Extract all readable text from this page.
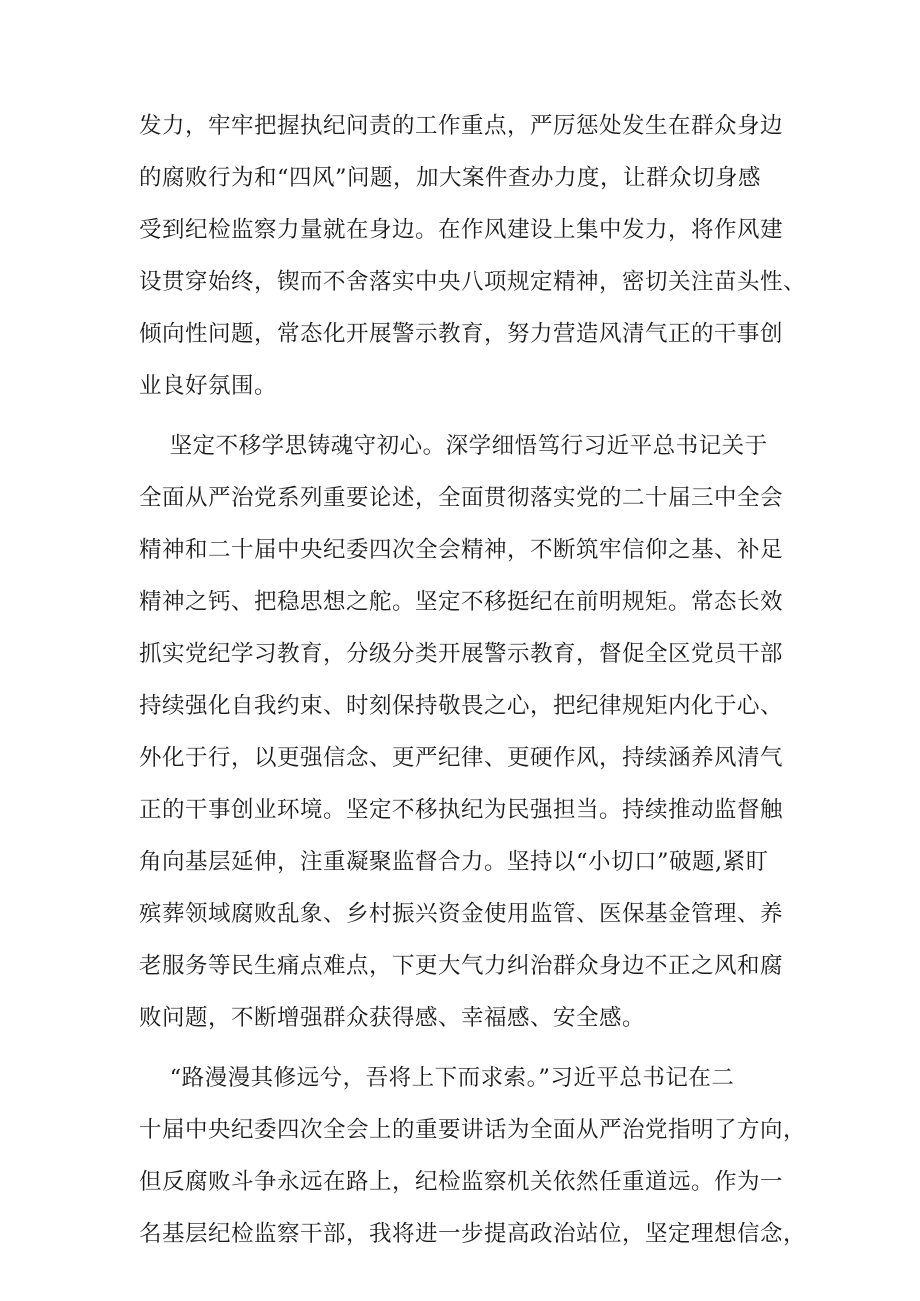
发力，牢牢把握执纪问责的工作重点，严厉惩处发生在群众身边
的腐败行为和“四风”问题，加大案件查办力度，让群众切身感
受到纪检监察力量就在身边。在作风建设上集中发力，将作风建
设贯穿始终，锲而不舍落实中央八项规定精神，密切关注苗头性、
倾向性问题，常态化开展警示教育，努力营造风清气正的干事创
业良好氛围。
坚定不移学思铸魂守初心。深学细悟笃行习近平总书记关于
全面从严治党系列重要论述，全面贯彻落实党的二十届三中全会
精神和二十届中央纪委四次全会精神，不断筑牢信仰之基、补足
精神之钙、把稳思想之舵。坚定不移挺纪在前明规矩。常态长效
抓实党纪学习教育，分级分类开展警示教育，督促全区党员干部
持续强化自我约束、时刻保持敬畏之心，把纪律规矩内化于心、
外化于行，以更强信念、更严纪律、更硬作风，持续涵养风清气
正的干事创业环境。坚定不移执纪为民强担当。持续推动监督触
角向基层延伸，注重凝聚监督合力。坚持以“小切口”破题,紧盯
殡葬领域腐败乱象、乡村振兴资金使用监管、医保基金管理、养
老服务等民生痛点难点，下更大气力纠治群众身边不正之风和腐
败问题，不断增强群众获得感、幸福感、安全感。
“路漫漫其修远兮，吾将上下而求索。”习近平总书记在二
十届中央纪委四次全会上的重要讲话为全面从严治党指明了方向，
但反腐败斗争永远在路上，纪检监察机关依然任重道远。作为一
名基层纪检监察干部，我将进一步提高政治站位，坚定理想信念，
